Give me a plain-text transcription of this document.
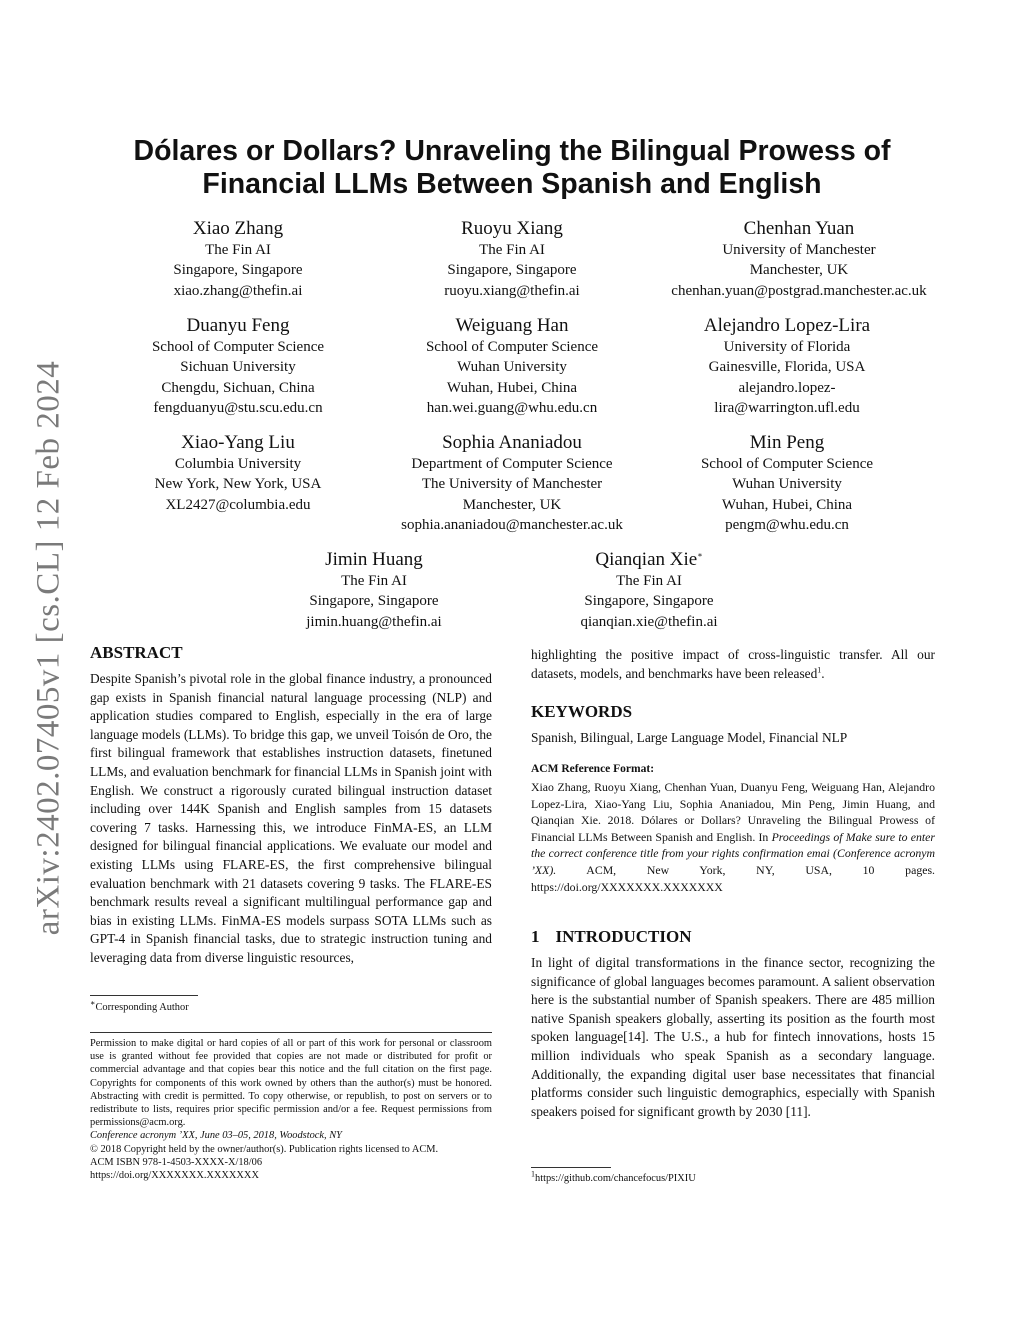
arXiv:2402.07405v1 [cs.CL] 12 Feb 2024
Dólares or Dollars? Unraveling the Bilingual Prowess of
Financial LLMs Between Spanish and English
Xiao Zhang
The Fin AI
Singapore, Singapore
xiao.zhang@thefin.ai
Ruoyu Xiang
The Fin AI
Singapore, Singapore
ruoyu.xiang@thefin.ai
Chenhan Yuan
University of Manchester
Manchester, UK
chenhan.yuan@postgrad.manchester.ac.uk
Duanyu Feng
School of Computer Science
Sichuan University
Chengdu, Sichuan, China
fengduanyu@stu.scu.edu.cn
Weiguang Han
School of Computer Science
Wuhan University
Wuhan, Hubei, China
han.wei.guang@whu.edu.cn
Alejandro Lopez-Lira
University of Florida
Gainesville, Florida, USA
alejandro.lopez-
lira@warrington.ufl.edu
Xiao-Yang Liu
Columbia University
New York, New York, USA
XL2427@columbia.edu
Sophia Ananiadou
Department of Computer Science
The University of Manchester
Manchester, UK
sophia.ananiadou@manchester.ac.uk
Min Peng
School of Computer Science
Wuhan University
Wuhan, Hubei, China
pengm@whu.edu.cn
Jimin Huang
The Fin AI
Singapore, Singapore
jimin.huang@thefin.ai
Qianqian Xie∗
The Fin AI
Singapore, Singapore
qianqian.xie@thefin.ai
ABSTRACT

Despite Spanish’s pivotal role in the global finance industry, a pronounced gap exists in Spanish financial natural language processing (NLP) and application studies compared to English, especially in the era of large language models (LLMs). To bridge this gap, we unveil Toisón de Oro, the first bilingual framework that establishes instruction datasets, finetuned LLMs, and evaluation benchmark for financial LLMs in Spanish joint with English. We construct a rigorously curated bilingual instruction dataset including over 144K Spanish and English samples from 15 datasets covering 7 tasks. Harnessing this, we introduce FinMA-ES, an LLM designed for bilingual financial applications. We evaluate our model and existing LLMs using FLARE-ES, the first comprehensive bilingual evaluation benchmark with 21 datasets covering 9 tasks. The FLARE-ES benchmark results reveal a significant multilingual performance gap and bias in existing LLMs. FinMA-ES models surpass SOTA LLMs such as GPT-4 in Spanish financial tasks, due to strategic instruction tuning and leveraging data from diverse linguistic resources,

∗Corresponding Author
Permission to make digital or hard copies of all or part of this work for personal or classroom use is granted without fee provided that copies are not made or distributed for profit or commercial advantage and that copies bear this notice and the full citation on the first page. Copyrights for components of this work owned by others than the author(s) must be honored. Abstracting with credit is permitted. To copy otherwise, or republish, to post on servers or to redistribute to lists, requires prior specific permission and/or a fee. Request permissions from permissions@acm.org.
Conference acronym ’XX, June 03–05, 2018, Woodstock, NY
© 2018 Copyright held by the owner/author(s). Publication rights licensed to ACM.
ACM ISBN 978-1-4503-XXXX-X/18/06
https://doi.org/XXXXXXX.XXXXXXX

highlighting the positive impact of cross-linguistic transfer. All our datasets, models, and benchmarks have been released$^1$.

KEYWORDS

Spanish, Bilingual, Large Language Model, Financial NLP

ACM Reference Format:

Xiao Zhang, Ruoyu Xiang, Chenhan Yuan, Duanyu Feng, Weiguang Han, Alejandro Lopez-Lira, Xiao-Yang Liu, Sophia Ananiadou, Min Peng, Jimin Huang, and Qianqian Xie. 2018. Dólares or Dollars? Unraveling the Bilingual Prowess of Financial LLMs Between Spanish and English. In Proceedings of Make sure to enter the correct conference title from your rights confirmation emai (Conference acronym ’XX). ACM, New York, NY, USA, 10 pages. https://doi.org/XXXXXXX.XXXXXXX

1 INTRODUCTION

In light of digital transformations in the finance sector, recognizing the significance of global languages becomes paramount. A salient observation here is the substantial number of Spanish speakers. There are 485 million native Spanish speakers globally, asserting its position as the fourth most spoken language[14]. The U.S., a hub for fintech innovations, hosts 15 million individuals who speak Spanish as a secondary language. Additionally, the expanding digital user base necessitates that financial platforms consider such linguistic demographics, especially with Spanish speakers poised for significant growth by 2030 [11].

$^1$https://github.com/chancefocus/PIXIU
